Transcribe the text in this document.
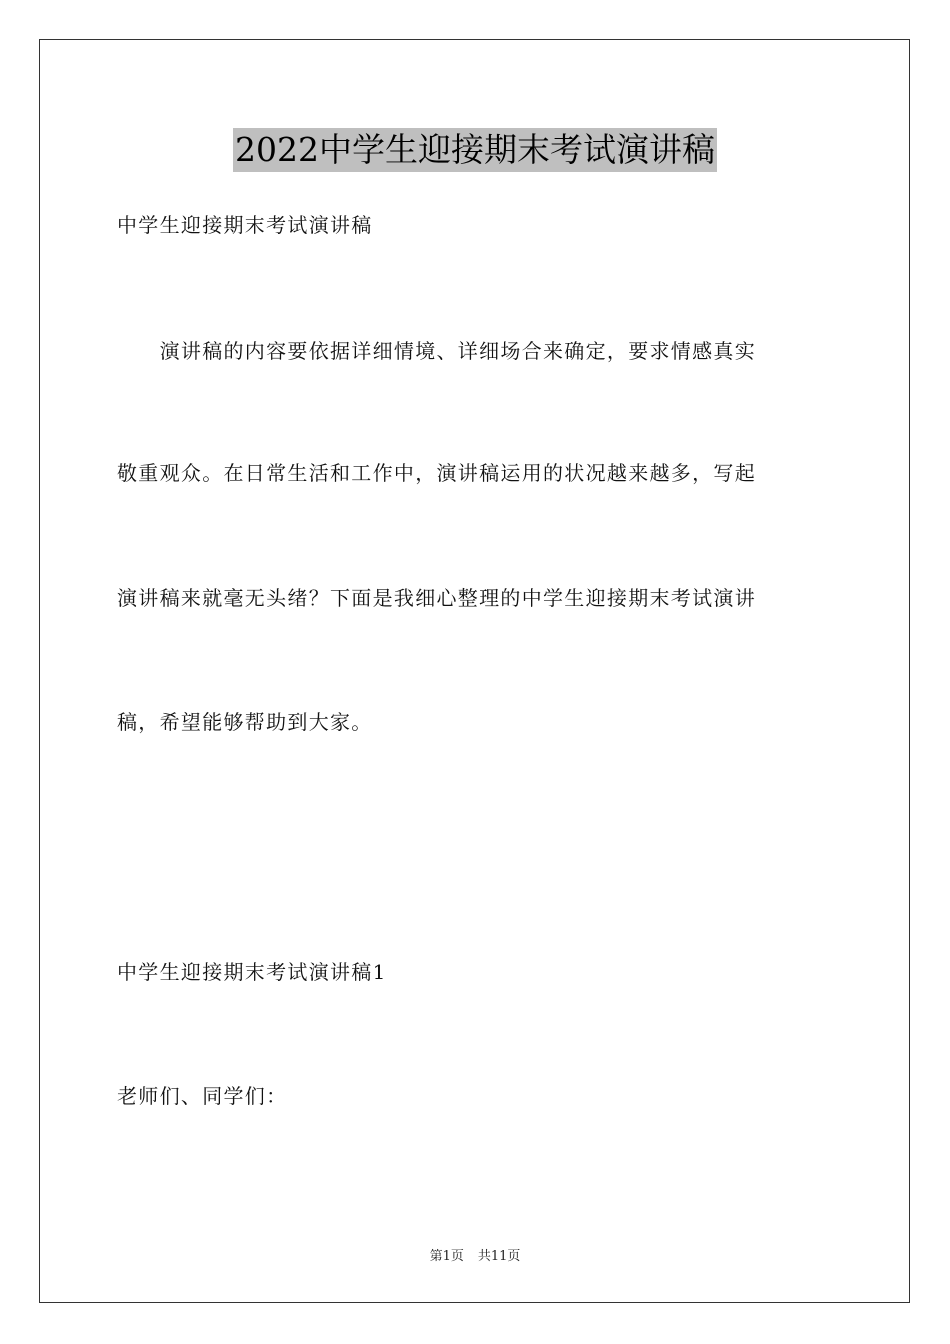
2022中学生迎接期末考试演讲稿
中学生迎接期末考试演讲稿
　　演讲稿的内容要依据详细情境、详细场合来确定，要求情感真实
敬重观众。在日常生活和工作中，演讲稿运用的状况越来越多，写起
演讲稿来就毫无头绪？下面是我细心整理的中学生迎接期末考试演讲
稿，希望能够帮助到大家。
中学生迎接期末考试演讲稿1
老师们、同学们：
第1页 共11页
